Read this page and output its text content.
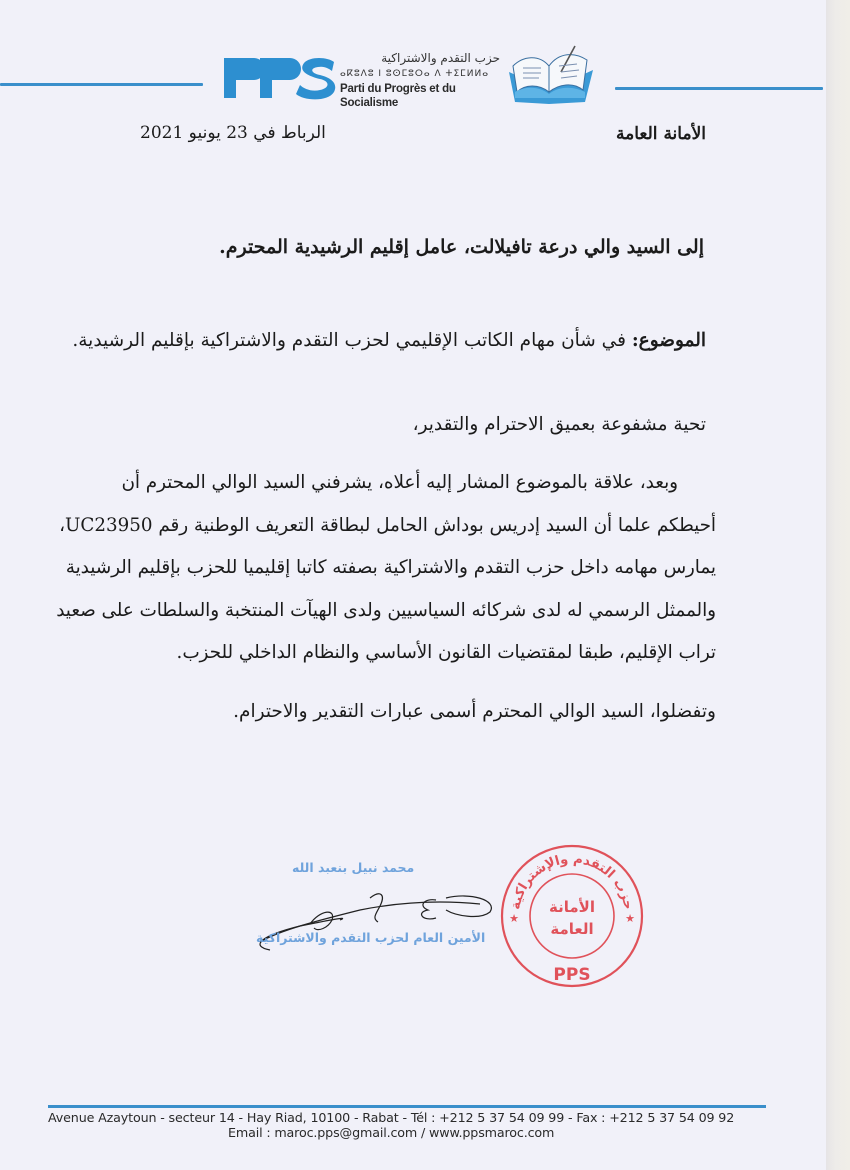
حزب التقدم والاشتراكية
ⴰⴽⵓⴷⵓ ⵏ ⵓⵙⵎⵓⵔⴰ ⴷ ⵜⵉⵎⵍⵍⴰ
Parti du Progrès et du Socialisme
الأمانة العامة
الرباط في 23 يونيو 2021
إلى السيد والي درعة تافيلالت، عامل إقليم الرشيدية المحترم.
الموضوع: في شأن مهام الكاتب الإقليمي لحزب التقدم والاشتراكية بإقليم الرشيدية.
تحية مشفوعة بعميق الاحترام والتقدير،
وبعد، علاقة بالموضوع المشار إليه أعلاه، يشرفني السيد الوالي المحترم أن
أحيطكم علما أن السيد إدريس بوداش الحامل لبطاقة التعريف الوطنية رقم UC23950،
يمارس مهامه داخل حزب التقدم والاشتراكية بصفته كاتبا إقليميا للحزب بإقليم الرشيدية
والممثل الرسمي له لدى شركائه السياسيين ولدى الهيآت المنتخبة والسلطات على صعيد
تراب الإقليم، طبقا لمقتضيات القانون الأساسي والنظام الداخلي للحزب.
وتفضلوا، السيد الوالي المحترم أسمى عبارات التقدير والاحترام.
محمد نبيل بنعبد الله
الأمين العام لحزب التقدم والاشتراكية
حزب التقدم والإشتراكية
الأمانة
العامة
PPS
★	★
Avenue Azaytoun - secteur 14 - Hay Riad, 10100 - Rabat - Tél : +212 5 37 54 09 99 - Fax : +212 5 37 54 09 92
Email : maroc.pps@gmail.com / www.ppsmaroc.com
